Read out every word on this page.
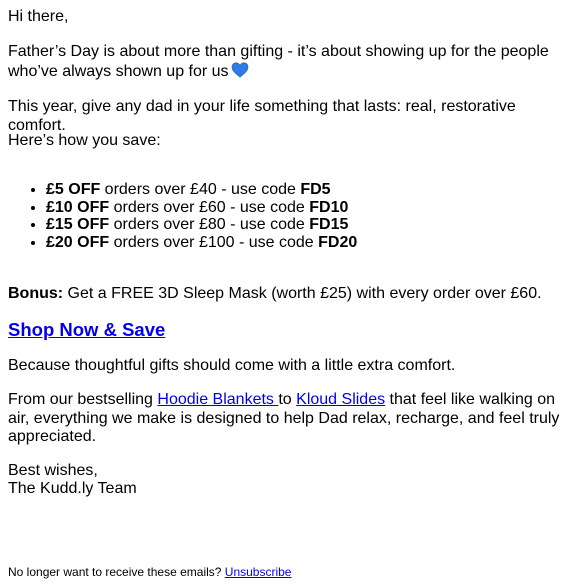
Hi there,

Father’s Day is about more than gifting - it’s about showing up for the people who’ve always shown up for us

This year, give any dad in your life something that lasts: real, restorative comfort.

Here’s how you save:

• £5 OFF orders over £40 - use code FD5
• £10 OFF orders over £60 - use code FD10
• £15 OFF orders over £80 - use code FD15
• £20 OFF orders over £100 - use code FD20

Bonus: Get a FREE 3D Sleep Mask (worth £25) with every order over £60.

Shop Now & Save

Because thoughtful gifts should come with a little extra comfort.

From our bestselling Hoodie Blankets to Kloud Slides that feel like walking on air, everything we make is designed to help Dad relax, recharge, and feel truly appreciated.

Best wishes,

The Kudd.ly Team

No longer want to receive these emails? Unsubscribe
